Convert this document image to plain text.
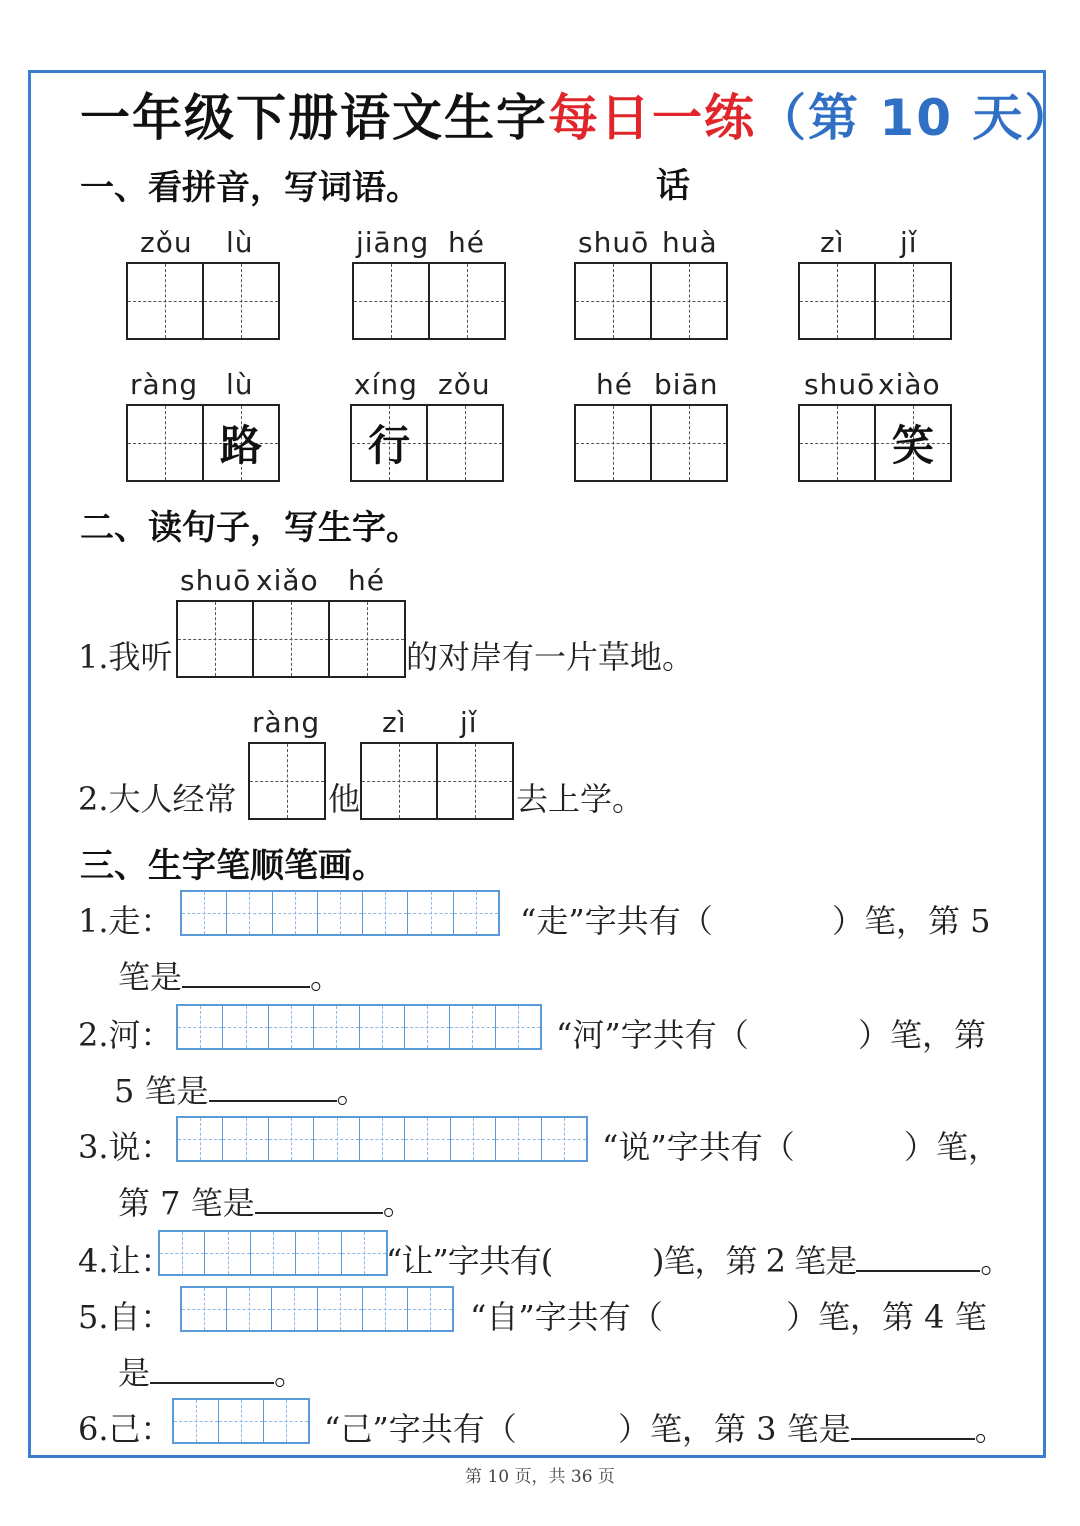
一年级下册语文生字每日一练（第 10 天）
一、看拼音，写词语。	话
zǒu lù	jiāng hé	shuō huà	zì jǐ
ràng lù	xíng zǒu	hé biān	shuō xiào
路	行	笑
二、读句子，写生字。
shuō xiǎo hé
1.我听	的对岸有一片草地。
ràng zì jǐ
2.大人经常	他	去上学。
三、生字笔顺笔画。
1.走：	“走”字共有（	）笔，第 5
笔是	。
2.河：	“河”字共有（	）笔，第
5 笔是	。
3.说：	“说”字共有（	）笔，
第 7 笔是	。
4.让：	“让”字共有(	)笔，第 2 笔是	。
5.自：	“自”字共有（	）笔，第 4 笔
是	。
6.己：	“己”字共有（	）笔，第 3 笔是	。
第 10 页，共 36 页
